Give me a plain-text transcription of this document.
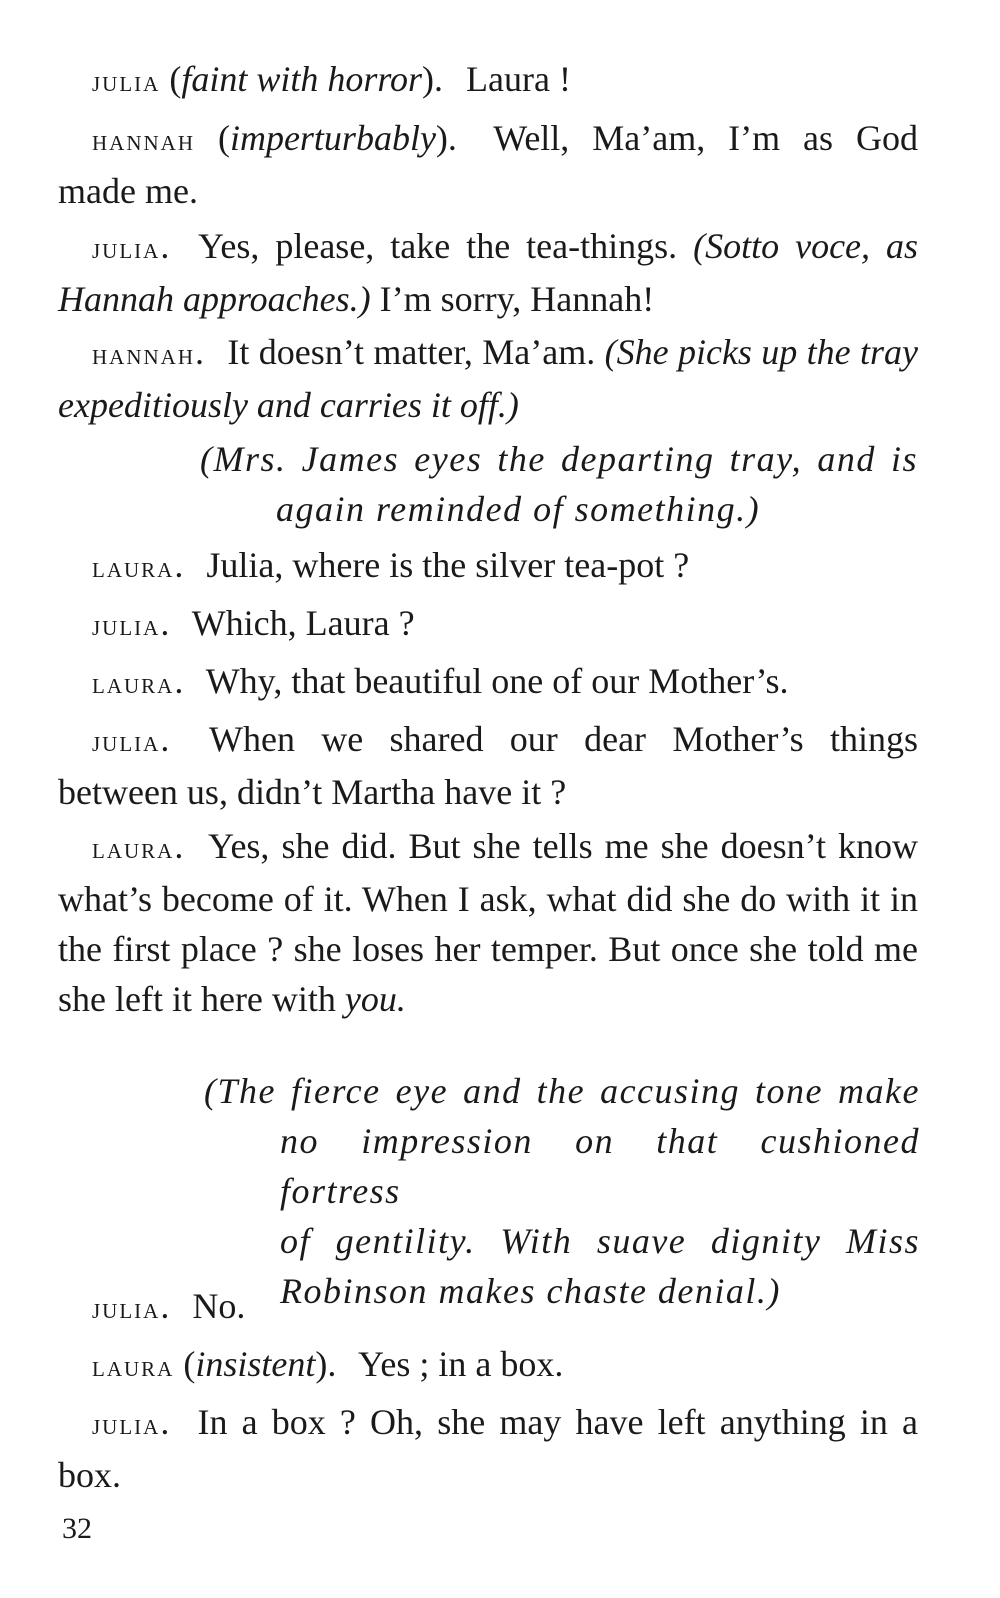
julia (faint with horror). Laura !

hannah (imperturbably). Well, Ma’am, I’m as God made me.

julia. Yes, please, take the tea-things. (Sotto voce, as Hannah approaches.) I’m sorry, Hannah!

hannah. It doesn’t matter, Ma’am. (She picks up the tray expeditiously and carries it off.)

(Mrs. James eyes the departing tray, and is
again reminded of something.)

laura. Julia, where is the silver tea-pot ?

julia. Which, Laura ?

laura. Why, that beautiful one of our Mother’s.

julia. When we shared our dear Mother’s things between us, didn’t Martha have it ?

laura. Yes, she did. But she tells me she doesn’t know what’s become of it. When I ask, what did she do with it in the first place ? she loses her temper. But once she told me she left it here with you.

(The fierce eye and the accusing tone make
no impression on that cushioned fortress
of gentility. With suave dignity Miss
Robinson makes chaste denial.)

julia. No.

laura (insistent). Yes ; in a box.

julia. In a box ? Oh, she may have left anything in a box.

32
